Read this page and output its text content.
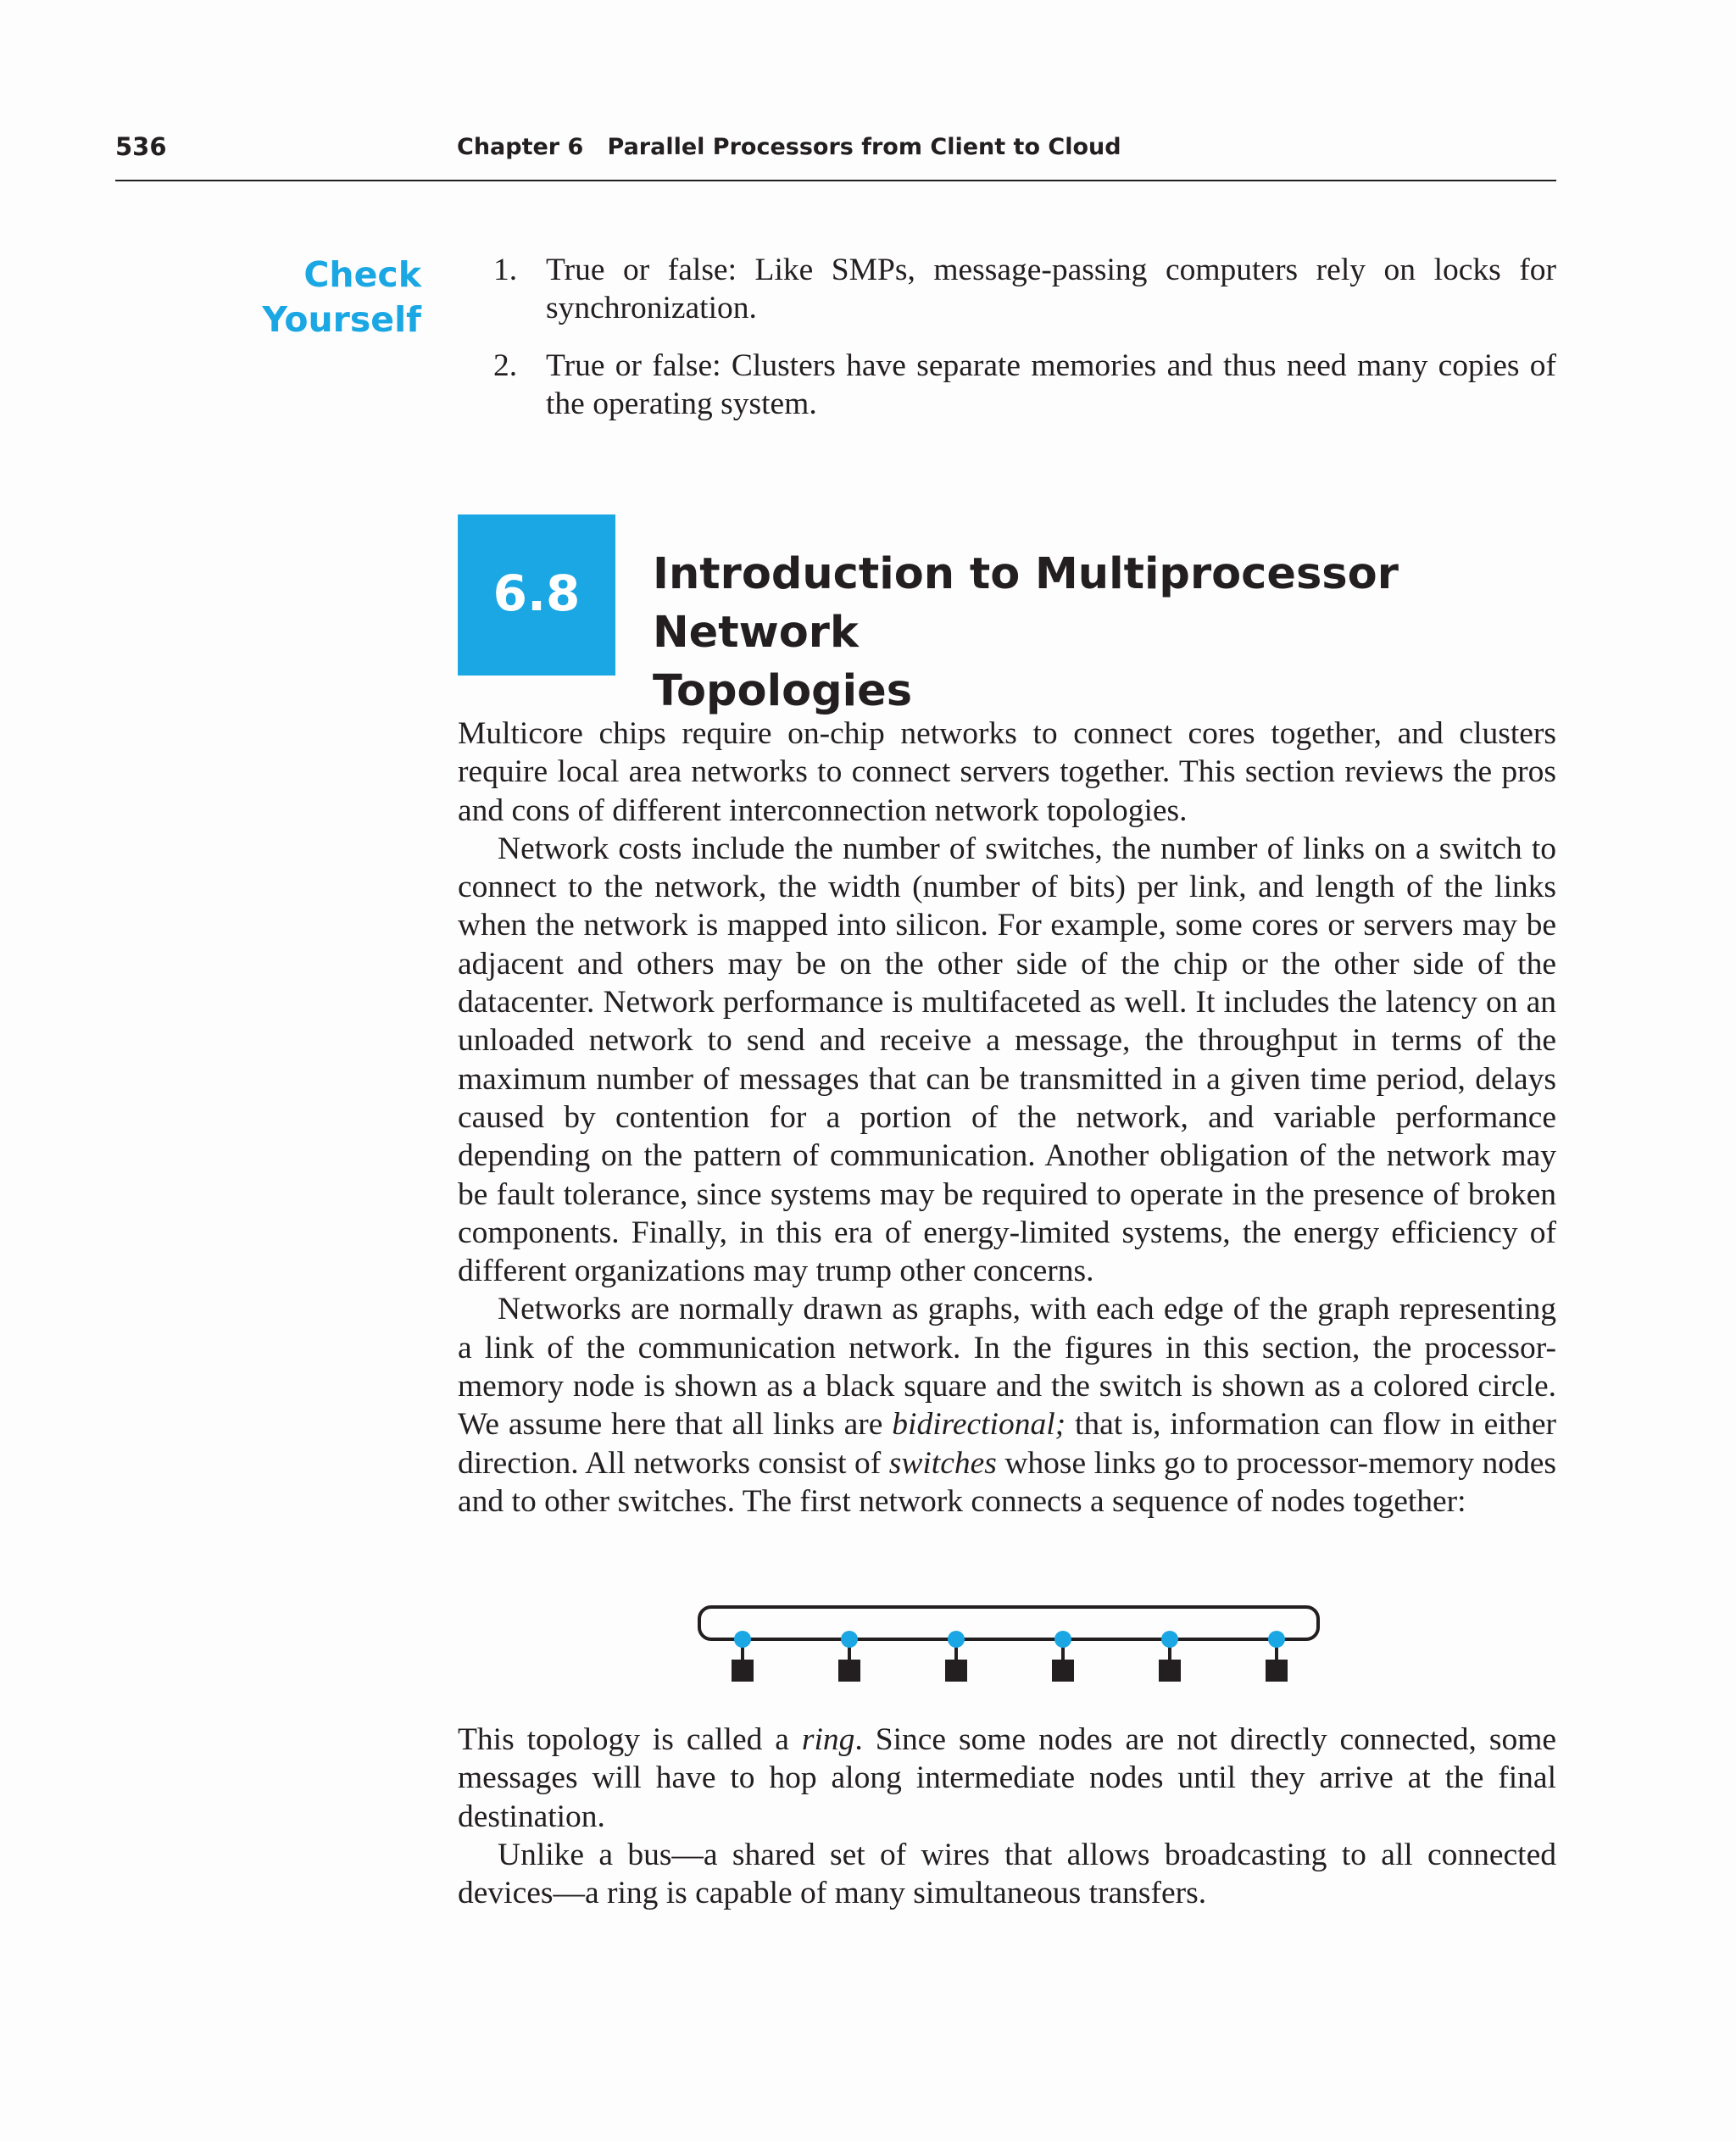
536	Chapter 6   Parallel Processors from Client to Cloud
Check
Yourself
1. True or false: Like SMPs, message-passing computers rely on locks for synchronization.
2. True or false: Clusters have separate memories and thus need many copies of the operating system.
6.8	Introduction to Multiprocessor Network
Topologies

Multicore chips require on-chip networks to connect cores together, and clusters require local area networks to connect servers together. This section reviews the pros and cons of different interconnection network topologies.

Network costs include the number of switches, the number of links on a switch to connect to the network, the width (number of bits) per link, and length of the links when the network is mapped into silicon. For example, some cores or servers may be adjacent and others may be on the other side of the chip or the other side of the datacenter. Network performance is multifaceted as well. It includes the latency on an unloaded network to send and receive a message, the throughput in terms of the maximum number of messages that can be transmitted in a given time period, delays caused by contention for a portion of the network, and variable performance depending on the pattern of communication. Another obligation of the network may be fault tolerance, since systems may be required to operate in the presence of broken components. Finally, in this era of energy-limited systems, the energy efficiency of different organizations may trump other concerns.

Networks are normally drawn as graphs, with each edge of the graph representing a link of the communication network. In the figures in this section, the processor-memory node is shown as a black square and the switch is shown as a colored circle. We assume here that all links are bidirectional; that is, information can flow in either direction. All networks consist of switches whose links go to processor-memory nodes and to other switches. The first network connects a sequence of nodes together:

This topology is called a ring. Since some nodes are not directly connected, some messages will have to hop along intermediate nodes until they arrive at the final destination.

Unlike a bus—a shared set of wires that allows broadcasting to all connected devices—a ring is capable of many simultaneous transfers.
